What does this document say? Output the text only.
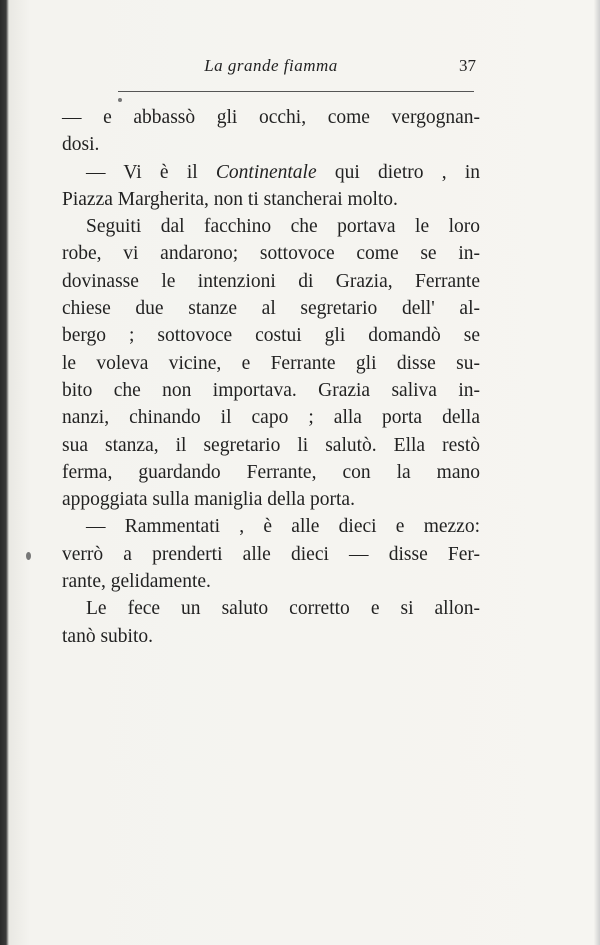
La grande fiamma	37
— e abbassò gli occhi, come vergognan-
dosi.
— Vi è il Continentale qui dietro , in
Piazza Margherita, non ti stancherai molto.
Seguiti dal facchino che portava le loro
robe, vi andarono; sottovoce come se in-
dovinasse le intenzioni di Grazia, Ferrante
chiese due stanze al segretario dell' al-
bergo ; sottovoce costui gli domandò se
le voleva vicine, e Ferrante gli disse su-
bito che non importava. Grazia saliva in-
nanzi, chinando il capo ; alla porta della
sua stanza, il segretario li salutò. Ella restò
ferma, guardando Ferrante, con la mano
appoggiata sulla maniglia della porta.
— Rammentati , è alle dieci e mezzo:
verrò a prenderti alle dieci — disse Fer-
rante, gelidamente.
Le fece un saluto corretto e si allon-
tanò subito.
